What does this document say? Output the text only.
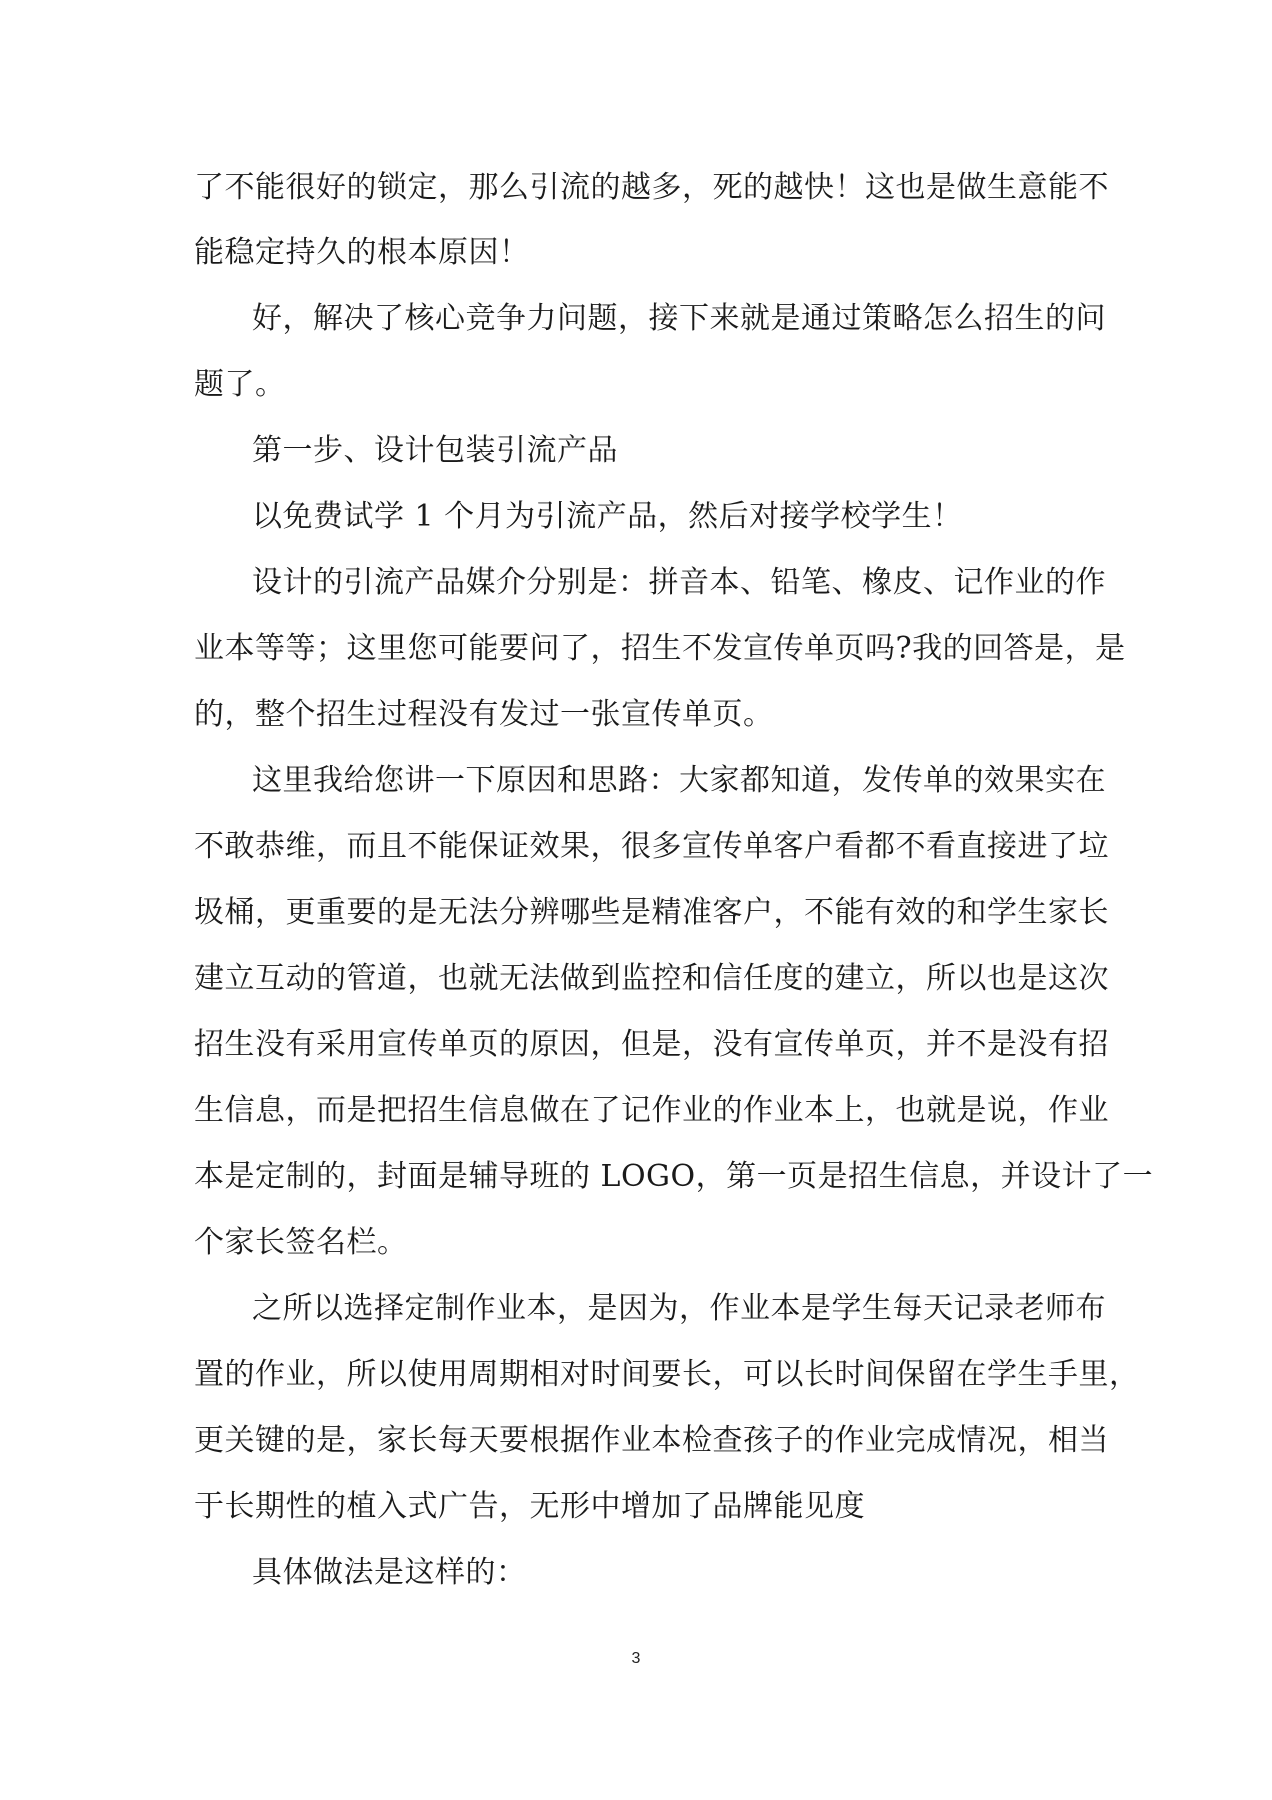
了不能很好的锁定，那么引流的越多，死的越快！这也是做生意能不
能稳定持久的根本原因！
好，解决了核心竞争力问题，接下来就是通过策略怎么招生的问
题了。
第一步、设计包装引流产品
以免费试学 1 个月为引流产品，然后对接学校学生！
设计的引流产品媒介分别是：拼音本、铅笔、橡皮、记作业的作
业本等等；这里您可能要问了，招生不发宣传单页吗?我的回答是，是
的，整个招生过程没有发过一张宣传单页。
这里我给您讲一下原因和思路：大家都知道，发传单的效果实在
不敢恭维，而且不能保证效果，很多宣传单客户看都不看直接进了垃
圾桶，更重要的是无法分辨哪些是精准客户，不能有效的和学生家长
建立互动的管道，也就无法做到监控和信任度的建立，所以也是这次
招生没有采用宣传单页的原因，但是，没有宣传单页，并不是没有招
生信息，而是把招生信息做在了记作业的作业本上，也就是说，作业
本是定制的，封面是辅导班的 LOGO，第一页是招生信息，并设计了一
个家长签名栏。
之所以选择定制作业本，是因为，作业本是学生每天记录老师布
置的作业，所以使用周期相对时间要长，可以长时间保留在学生手里，
更关键的是，家长每天要根据作业本检查孩子的作业完成情况，相当
于长期性的植入式广告，无形中增加了品牌能见度
具体做法是这样的：
3
